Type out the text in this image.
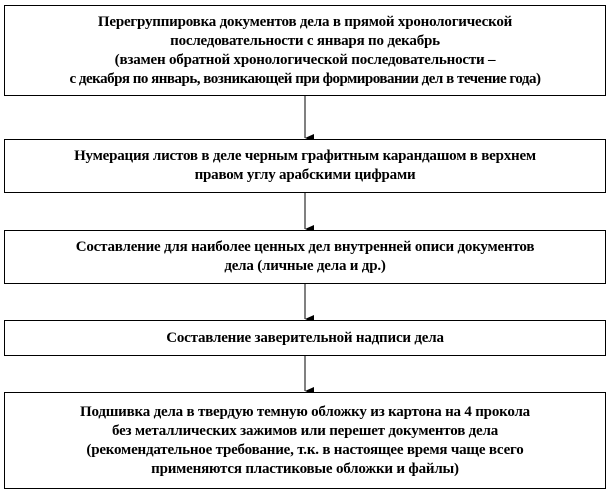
Перегруппировка документов дела в прямой хронологической
последовательности с января по декабрь
(взамен обратной хронологической последовательности –
с декабря по январь, возникающей при формировании дел в течение года)
Нумерация листов в деле черным графитным карандашом в верхнем
правом углу арабскими цифрами
Составление для наиболее ценных дел внутренней описи документов
дела (личные дела и др.)
Составление заверительной надписи дела
Подшивка дела в твердую темную обложку из картона на 4 прокола
без металлических зажимов или перешет документов дела
(рекомендательное требование, т.к. в настоящее время чаще всего
применяются пластиковые обложки и файлы)
